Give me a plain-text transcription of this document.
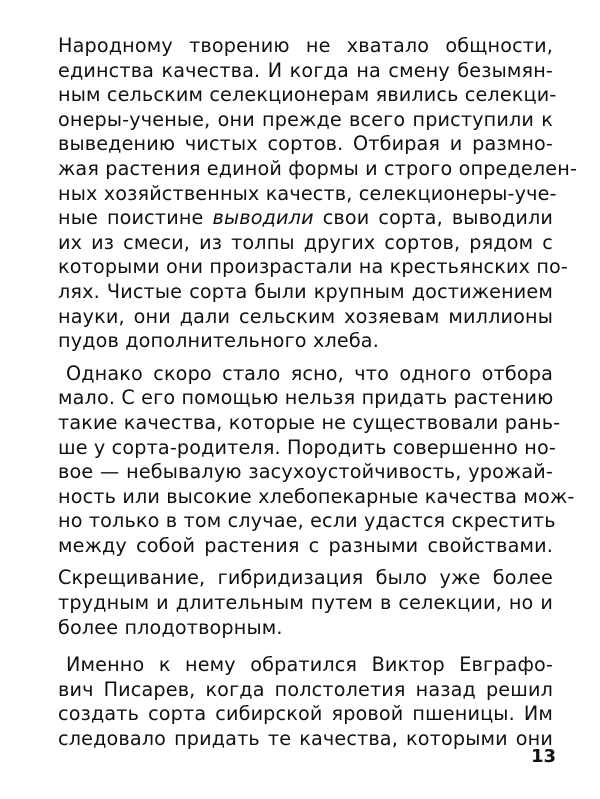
Народному творению не хватало общности,
единства качества. И когда на смену безымян-
ным сельским селекционерам явились селекци-
онеры-ученые, они прежде всего приступили к
выведению чистых сортов. Отбирая и размно-
жая растения единой формы и строго определен-
ных хозяйственных качеств, селекционеры-уче-
ные поистине выводили свои сорта, выводили
их из смеси, из толпы других сортов, рядом с
которыми они произрастали на крестьянских по-
лях. Чистые сорта были крупным достижением
науки, они дали сельским хозяевам миллионы
пудов дополнительного хлеба.

Однако скоро стало ясно, что одного отбора
мало. С его помощью нельзя придать растению
такие качества, которые не существовали рань-
ше у сорта-родителя. Породить совершенно но-
вое — небывалую засухоустойчивость, урожай-
ность или высокие хлебопекарные качества мож-
но только в том случае, если удастся скрестить
между собой растения с разными свойствами.

Скрещивание, гибридизация было уже более
трудным и длительным путем в селекции, но и
более плодотворным.

Именно к нему обратился Виктор Евграфо-
вич Писарев, когда полстолетия назад решил
создать сорта сибирской яровой пшеницы. Им
следовало придать те качества, которыми они

13
